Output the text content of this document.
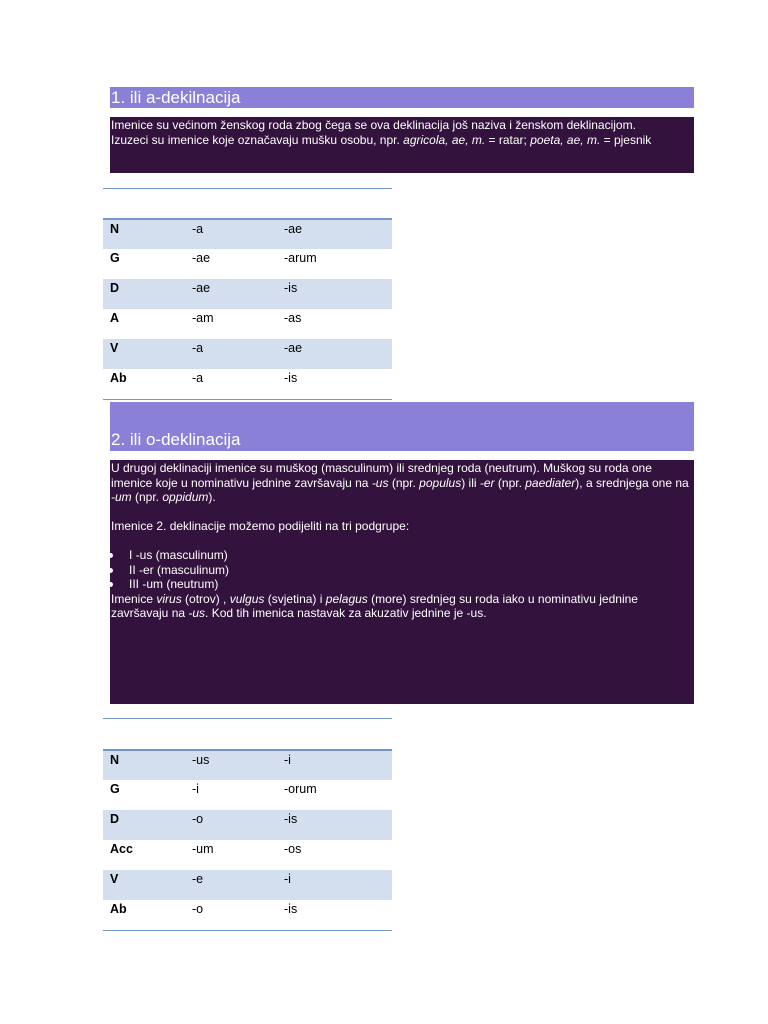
1. ili a-dekilnacija

Imenice su većinom ženskog roda zbog čega se ova deklinacija još naziva i ženskom deklinacijom.

Izuzeci su imenice koje označavaju mušku osobu, npr. agricola, ae, m. = ratar; poeta, ae, m. = pjesnik

N	-a	-ae
G	-ae	-arum
D	-ae	-is
A	-am	-as
V	-a	-ae
Ab	-a	-is
2. ili o-deklinacija

U drugoj deklinaciji imenice su muškog (masculinum) ili srednjeg roda (neutrum). Muškog su roda one imenice koje u nominativu jednine završavaju na -us (npr. populus) ili -er (npr. paediater), a srednjega one na -um (npr. oppidum).

Imenice 2. deklinacije možemo podijeliti na tri podgrupe:

I -us (masculinum)
II -er (masculinum)
III -um (neutrum)

Imenice virus (otrov) , vulgus (svjetina) i pelagus (more) srednjeg su roda iako u nominativu jednine završavaju na -us. Kod tih imenica nastavak za akuzativ jednine je -us.

N	-us	-i
G	-i	-orum
D	-o	-is
Acc	-um	-os
V	-e	-i
Ab	-o	-is
